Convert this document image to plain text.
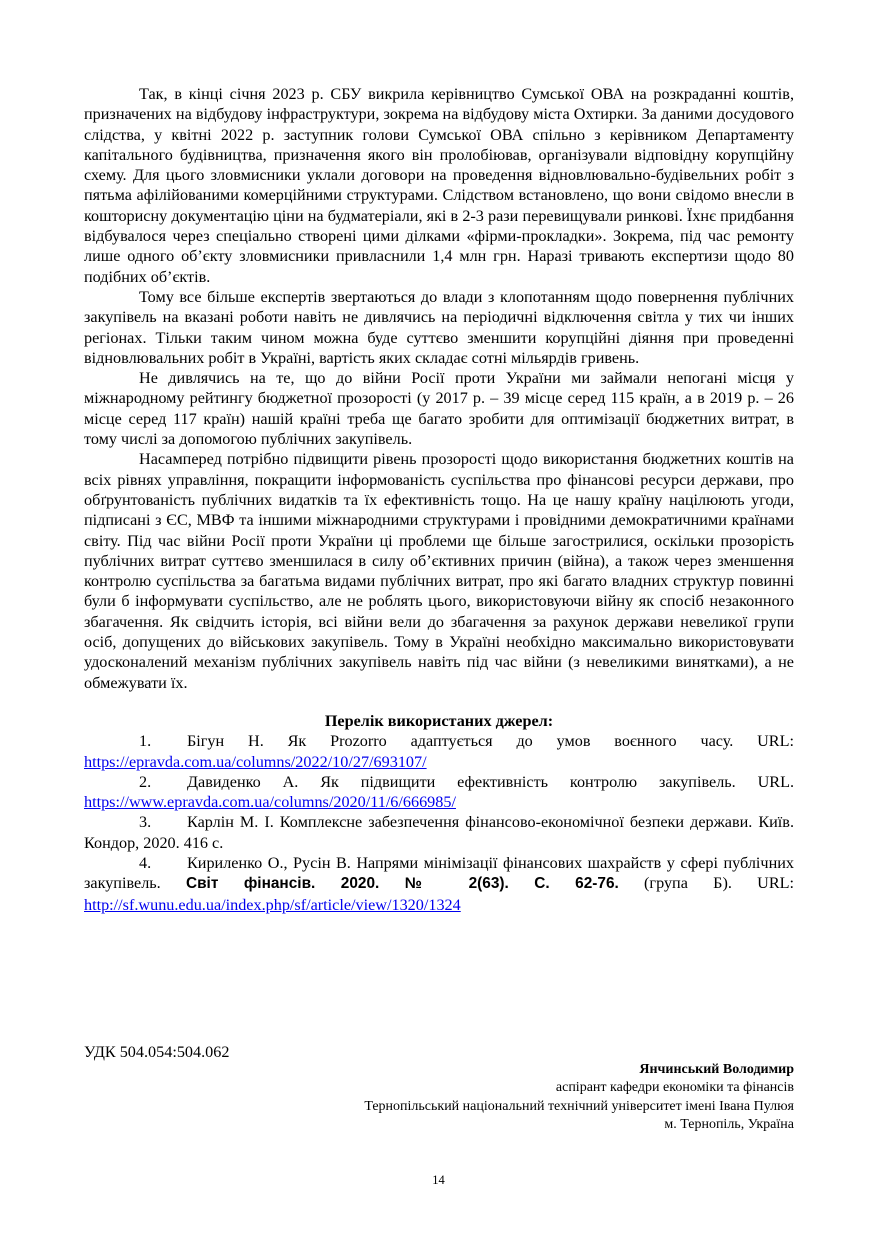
Так, в кінці січня 2023 р. СБУ викрила керівництво Сумської ОВА на розкраданні коштів, призначених на відбудову інфраструктури, зокрема на відбудову міста Охтирки. За даними досудового слідства, у квітні 2022 р. заступник голови Сумської ОВА спільно з керівником Департаменту капітального будівництва, призначення якого він пролобіював, організували відповідну корупційну схему. Для цього зловмисники уклали договори на проведення відновлювально-будівельних робіт з пятьма афілійованими комерційними структурами. Слідством встановлено, що вони свідомо внесли в кошторисну документацію ціни на будматеріали, які в 2-3 рази перевищували ринкові. Їхнє придбання відбувалося через спеціально створені цими ділками «фірми-прокладки». Зокрема, під час ремонту лише одного об’єкту зловмисники привласнили 1,4 млн грн. Наразі тривають експертизи щодо 80 подібних об’єктів.

Тому все більше експертів звертаються до влади з клопотанням щодо повернення публічних закупівель на вказані роботи навіть не дивлячись на періодичні відключення світла у тих чи інших регіонах. Тільки таким чином можна буде суттєво зменшити корупційні діяння при проведенні відновлювальних робіт в Україні, вартість яких складає сотні мільярдів гривень.

Не дивлячись на те, що до війни Росії проти України ми займали непогані місця у міжнародному рейтингу бюджетної прозорості (у 2017 р. – 39 місце серед 115 країн, а в 2019 р. – 26 місце серед 117 країн) нашій країні треба ще багато зробити для оптимізації бюджетних витрат, в тому числі за допомогою публічних закупівель.

Насамперед потрібно підвищити рівень прозорості щодо використання бюджетних коштів на всіх рівнях управління, покращити інформованість суспільства про фінансові ресурси держави, про обґрунтованість публічних видатків та їх ефективність тощо. На це нашу країну націлюють угоди, підписані з ЄС, МВФ та іншими міжнародними структурами і провідними демократичними країнами світу. Під час війни Росії проти України ці проблеми ще більше загострилися, оскільки прозорість публічних витрат суттєво зменшилася в силу об’єктивних причин (війна), а також через зменшення контролю суспільства за багатьма видами публічних витрат, про які багато владних структур повинні були б інформувати суспільство, але не роблять цього, використовуючи війну як спосіб незаконного збагачення. Як свідчить історія, всі війни вели до збагачення за рахунок держави невеликої групи осіб, допущених до військових закупівель. Тому в Україні необхідно максимально використовувати удосконалений механізм публічних закупівель навіть під час війни (з невеликими винятками), а не обмежувати їх.

Перелік використаних джерел:

1. Бігун Н. Як Prozorro адаптується до умов воєнного часу. URL: https://epravda.com.ua/columns/2022/10/27/693107/

2. Давиденко А. Як підвищити ефективність контролю закупівель. URL. https://www.epravda.com.ua/columns/2020/11/6/666985/

3. Карлін М. І. Комплексне забезпечення фінансово-економічної безпеки держави. Київ. Кондор, 2020. 416 с.

4. Кириленко О., Русін В. Напрями мінімізації фінансових шахрайств у сфері публічних закупівель. Світ фінансів. 2020. № 2(63). С. 62-76. (група Б). URL: http://sf.wunu.edu.ua/index.php/sf/article/view/1320/1324

УДК 504.054:504.062
Янчинський Володимир
аспірант кафедри економіки та фінансів
Тернопільський національний технічний університет імені Івана Пулюя
м. Тернопіль, Україна
14
